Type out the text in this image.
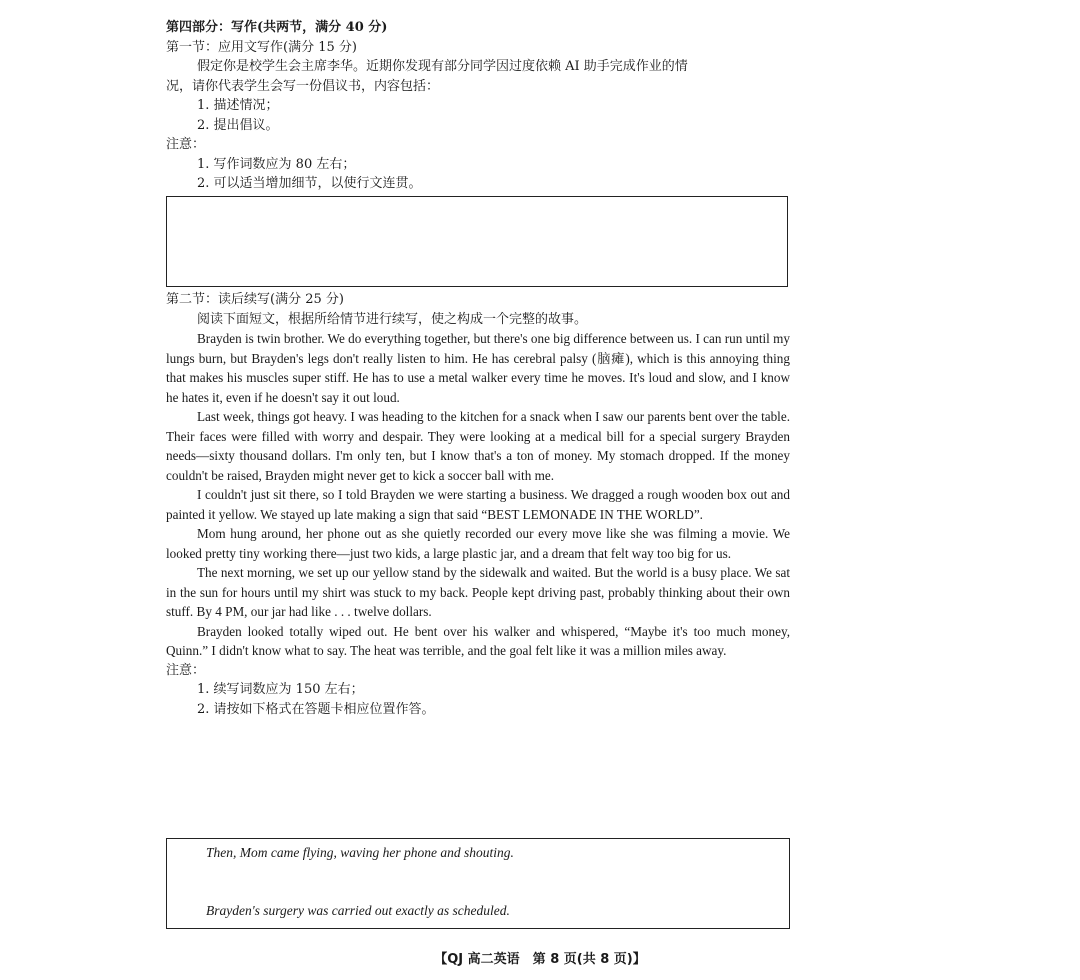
第四部分：写作(共两节，满分 40 分)
第一节：应用文写作(满分 15 分)
假定你是校学生会主席李华。近期你发现有部分同学因过度依赖 AI 助手完成作业的情
况，请你代表学生会写一份倡议书，内容包括：
1. 描述情况；
2. 提出倡议。
注意：
1. 写作词数应为 80 左右；
2. 可以适当增加细节，以使行文连贯。
第二节：读后续写(满分 25 分)
阅读下面短文，根据所给情节进行续写，使之构成一个完整的故事。
Brayden is twin brother. We do everything together, but there's one big difference between us. I can run until my lungs burn, but Brayden's legs don't really listen to him. He has cerebral palsy (脑瘫), which is this annoying thing that makes his muscles super stiff. He has to use a metal walker every time he moves. It's loud and slow, and I know he hates it, even if he doesn't say it out loud.
Last week, things got heavy. I was heading to the kitchen for a snack when I saw our parents bent over the table. Their faces were filled with worry and despair. They were looking at a medical bill for a special surgery Brayden needs—sixty thousand dollars. I'm only ten, but I know that's a ton of money. My stomach dropped. If the money couldn't be raised, Brayden might never get to kick a soccer ball with me.
I couldn't just sit there, so I told Brayden we were starting a business. We dragged a rough wooden box out and painted it yellow. We stayed up late making a sign that said “BEST LEMONADE IN THE WORLD”.
Mom hung around, her phone out as she quietly recorded our every move like she was filming a movie. We looked pretty tiny working there—just two kids, a large plastic jar, and a dream that felt way too big for us.
The next morning, we set up our yellow stand by the sidewalk and waited. But the world is a busy place. We sat in the sun for hours until my shirt was stuck to my back. People kept driving past, probably thinking about their own stuff. By 4 PM, our jar had like . . . twelve dollars.
Brayden looked totally wiped out. He bent over his walker and whispered, “Maybe it's too much money, Quinn.” I didn't know what to say. The heat was terrible, and the goal felt like it was a million miles away.
注意：
1. 续写词数应为 150 左右；
2. 请按如下格式在答题卡相应位置作答。
Then, Mom came flying, waving her phone and shouting.
Brayden's surgery was carried out exactly as scheduled.
【QJ 高二英语　第 8 页(共 8 页)】
